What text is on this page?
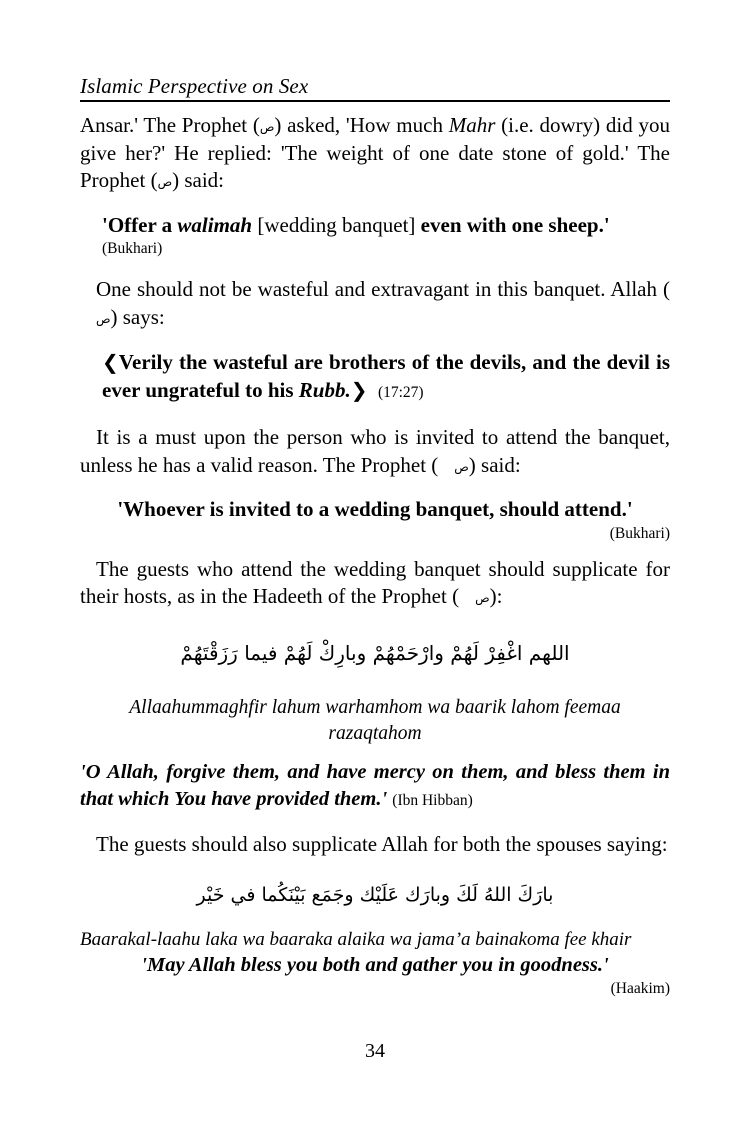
Islamic Perspective on Sex

Ansar.' The Prophet (ص) asked, 'How much Mahr (i.e. dowry) did you give her?' He replied: 'The weight of one date stone of gold.' The Prophet (ص) said:

'Offer a walimah [wedding banquet] even with one sheep.'
(Bukhari)

One should not be wasteful and extravagant in this banquet. Allah (ص) says:

❮Verily the wasteful are brothers of the devils, and the devil is ever ungrateful to his Rubb.❯ (17:27)

It is a must upon the person who is invited to attend the banquet, unless he has a valid reason. The Prophet ( ص) said:

'Whoever is invited to a wedding banquet, should attend.'
(Bukhari)

The guests who attend the wedding banquet should supplicate for their hosts, as in the Hadeeth of the Prophet ( ص):

اللهم اغْفِرْ لَهُمْ وارْحَمْهُمْ وبارِكْ لَهُمْ فيما رَزَقْتَهُمْ
Allaahummaghfir lahum warhamhom wa baarik lahom feemaa
razaqtahom
'O Allah, forgive them, and have mercy on them, and bless them in that which You have provided them.' (Ibn Hibban)

The guests should also supplicate Allah for both the spouses saying:

بارَكَ اللهُ لَكَ وبارَك عَلَيْك وجَمَع بَيْنَكُما في خَيْر
Baarakal-laahu laka wa baaraka alaika wa jama’a bainakoma fee khair
'May Allah bless you both and gather you in goodness.'
(Haakim)
34
